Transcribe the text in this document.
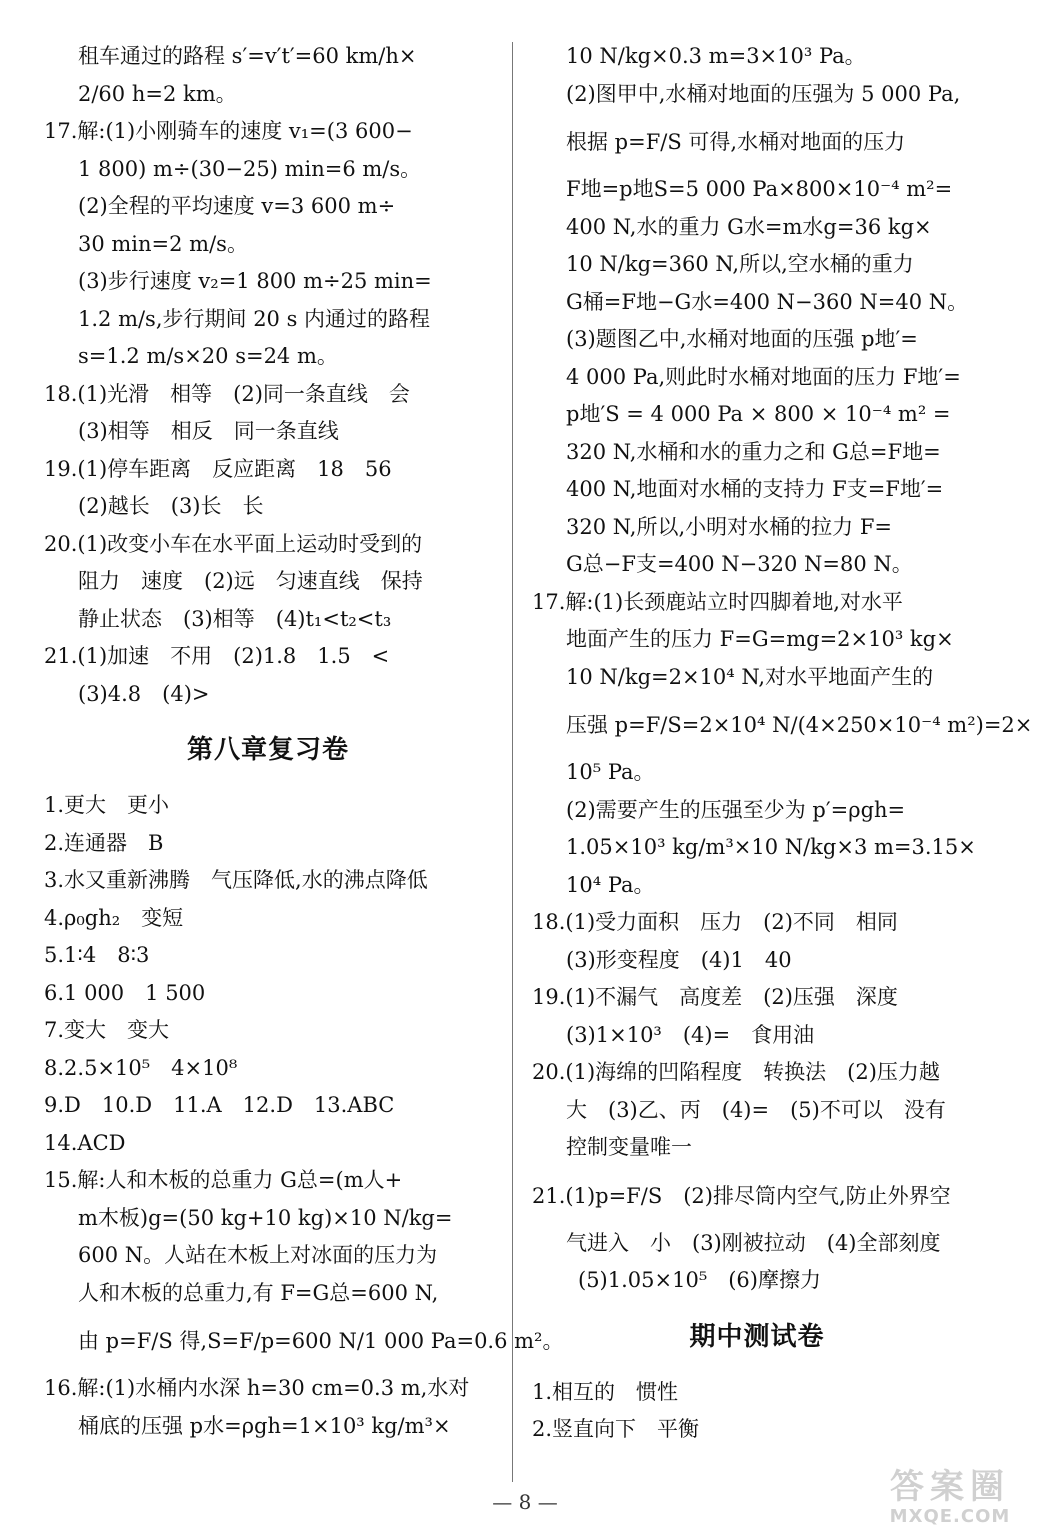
租车通过的路程 s′=v′t′=60 km/h×
2/60 h=2 km。
17.解:(1)小刚骑车的速度 v₁=(3 600−
1 800) m÷(30−25) min=6 m/s。
(2)全程的平均速度 v=3 600 m÷
30 min=2 m/s。
(3)步行速度 v₂=1 800 m÷25 min=
1.2 m/s,步行期间 20 s 内通过的路程
s=1.2 m/s×20 s=24 m。
18.(1)光滑　相等　(2)同一条直线　会
(3)相等　相反　同一条直线
19.(1)停车距离　反应距离　18　56
(2)越长　(3)长　长
20.(1)改变小车在水平面上运动时受到的
阻力　速度　(2)远　匀速直线　保持
静止状态　(3)相等　(4)t₁<t₂<t₃
21.(1)加速　不用　(2)1.8　1.5　<
(3)4.8　(4)>
第八章复习卷
1.更大　更小
2.连通器　B
3.水又重新沸腾　气压降低,水的沸点降低
4.ρ₀gh₂　变短
5.1∶4　8∶3
6.1 000　1 500
7.变大　变大
8.2.5×10⁵　4×10⁸
9.D　10.D　11.A　12.D　13.ABC
14.ACD
15.解:人和木板的总重力 G总=(m人+
m木板)g=(50 kg+10 kg)×10 N/kg=
600 N。人站在木板上对冰面的压力为
人和木板的总重力,有 F=G总=600 N,
由 p=F/S 得,S=F/p=600 N/1 000 Pa=0.6 m²。
16.解:(1)水桶内水深 h=30 cm=0.3 m,水对
桶底的压强 p水=ρgh=1×10³ kg/m³×
10 N/kg×0.3 m=3×10³ Pa。
(2)图甲中,水桶对地面的压强为 5 000 Pa,
根据 p=F/S 可得,水桶对地面的压力
F地=p地S=5 000 Pa×800×10⁻⁴ m²=
400 N,水的重力 G水=m水g=36 kg×
10 N/kg=360 N,所以,空水桶的重力
G桶=F地−G水=400 N−360 N=40 N。
(3)题图乙中,水桶对地面的压强 p地′=
4 000 Pa,则此时水桶对地面的压力 F地′=
p地′S = 4 000 Pa × 800 × 10⁻⁴ m² =
320 N,水桶和水的重力之和 G总=F地=
400 N,地面对水桶的支持力 F支=F地′=
320 N,所以,小明对水桶的拉力 F=
G总−F支=400 N−320 N=80 N。
17.解:(1)长颈鹿站立时四脚着地,对水平
地面产生的压力 F=G=mg=2×10³ kg×
10 N/kg=2×10⁴ N,对水平地面产生的
压强 p=F/S=2×10⁴ N/(4×250×10⁻⁴ m²)=2×
10⁵ Pa。
(2)需要产生的压强至少为 p′=ρgh=
1.05×10³ kg/m³×10 N/kg×3 m=3.15×
10⁴ Pa。
18.(1)受力面积　压力　(2)不同　相同
(3)形变程度　(4)1　40
19.(1)不漏气　高度差　(2)压强　深度
(3)1×10³　(4)=　食用油
20.(1)海绵的凹陷程度　转换法　(2)压力越
大　(3)乙、丙　(4)=　(5)不可以　没有
控制变量唯一
21.(1)p=F/S　(2)排尽筒内空气,防止外界空
气进入　小　(3)刚被拉动　(4)全部刻度
(5)1.05×10⁵　(6)摩擦力
期中测试卷
1.相互的　惯性
2.竖直向下　平衡
— 8 —	答案圈
MXQE.COM
